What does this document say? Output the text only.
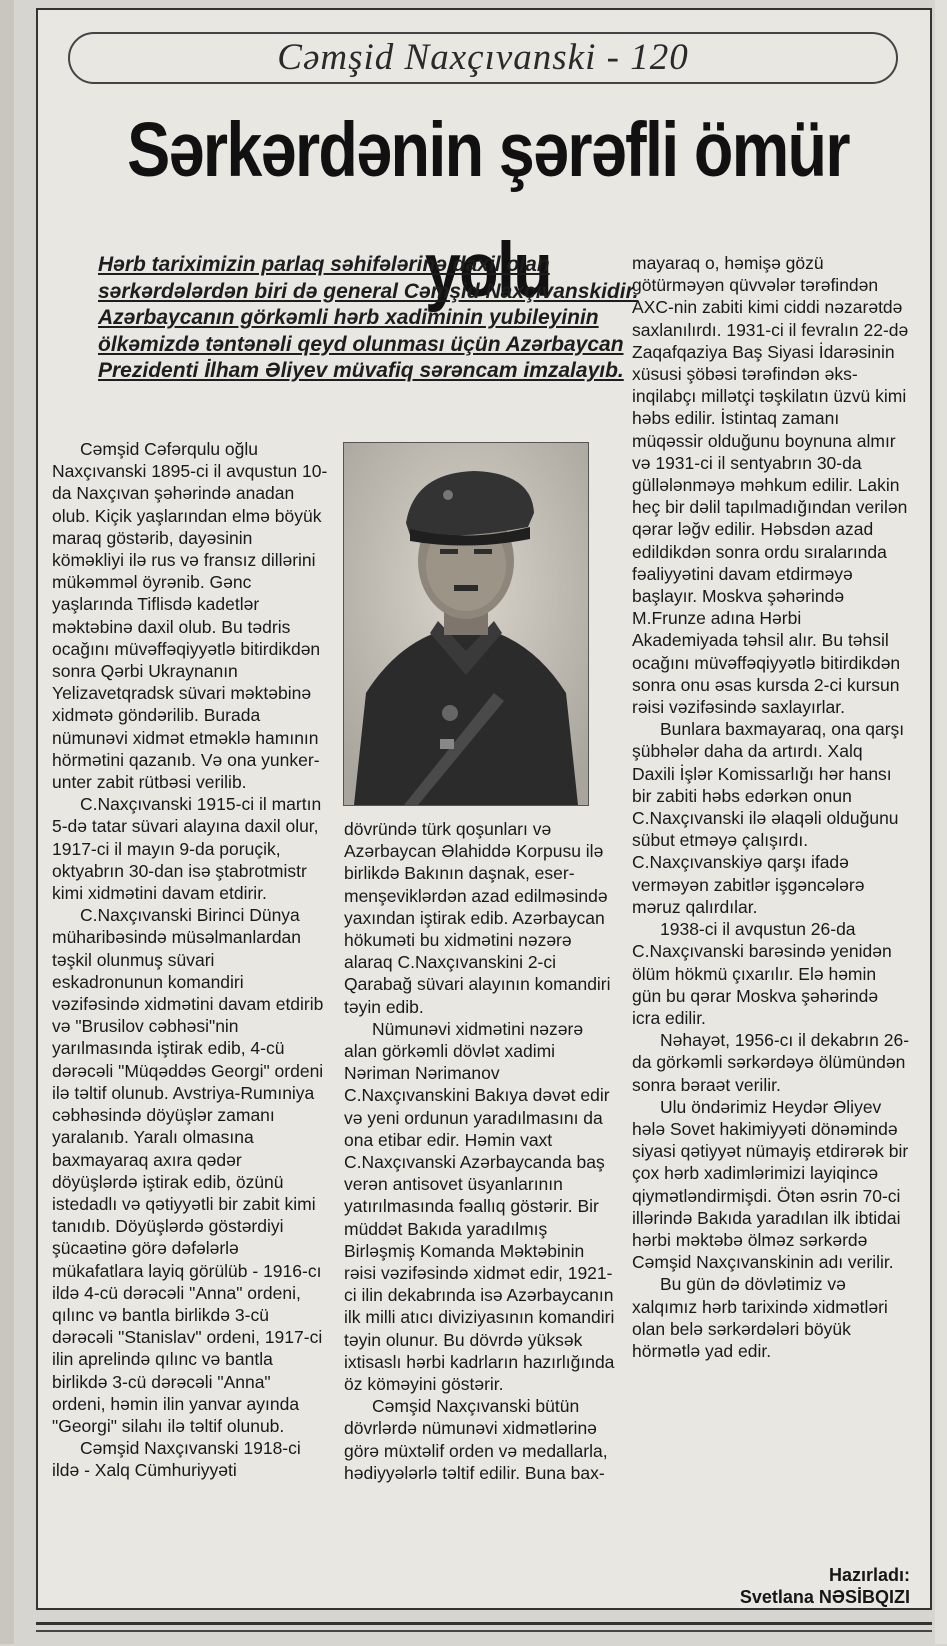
Cəmşid Naxçıvanski - 120
Sərkərdənin şərəfli ömür yolu

Hərb tariximizin parlaq səhifələrinə daxil olan sərkərdələrdən biri də general Cəmşid Naxçıvanskidir. Azərbaycanın görkəmli hərb xadiminin yubileyinin ölkəmizdə təntənəli qeyd olunması üçün Azərbaycan Prezidenti İlham Əliyev müvafiq sərəncam imzalayıb.

Cəmşid Cəfərqulu oğlu Naxçıvanski 1895-ci il avqustun 10-da Naxçıvan şəhərində anadan olub. Kiçik yaşlarından elmə böyük maraq göstərib, dayəsinin köməkliyi ilə rus və fransız dillərini mükəmməl öyrənib. Gənc yaşlarında Tiflisdə kadetlər məktəbinə daxil olub. Bu tədris ocağını müvəffəqiyyətlə bitirdikdən sonra Qərbi Ukraynanın Yelizavetqradsk süvari məktəbinə xidmətə göndərilib. Burada nümunəvi xidmət etməklə hamının hörmətini qazanıb. Və ona yunker-unter zabit rütbəsi verilib.

C.Naxçıvanski 1915-ci il martın 5-də tatar süvari alayına daxil olur, 1917-ci il mayın 9-da poruçik, oktyabrın 30-dan isə ştabrotmistr kimi xidmətini davam etdirir.

C.Naxçıvanski Birinci Dünya müharibəsində müsəlmanlardan təşkil olunmuş süvari eskadronunun komandiri vəzifəsində xidmətini davam etdirib və "Brusilov cəbhəsi"nin yarılmasında iştirak edib, 4-cü dərəcəli "Müqəddəs Georgi" ordeni ilə təltif olunub. Avstriya-Rumıniya cəbhəsində döyüşlər zamanı yaralanıb. Yaralı olmasına baxmayaraq axıra qədər döyüşlərdə iştirak edib, özünü istedadlı və qətiyyətli bir zabit kimi tanıdıb. Döyüşlərdə göstərdiyi şücaətinə görə dəfələrlə mükafatlara layiq görülüb - 1916-cı ildə 4-cü dərəcəli "Anna" ordeni, qılınc və bantla birlikdə 3-cü dərəcəli "Stanislav" ordeni, 1917-ci ilin aprelində qılınc və bantla birlikdə 3-cü dərəcəli "Anna" ordeni, həmin ilin yanvar ayında "Georgi" silahı ilə təltif olunub.

Cəmşid Naxçıvanski 1918-ci ildə - Xalq Cümhuriyyəti

dövründə türk qoşunları və Azərbaycan Əlahiddə Korpusu ilə birlikdə Bakının daşnak, eser-menşeviklərdən azad edilməsində yaxından iştirak edib. Azərbaycan hökuməti bu xidmətini nəzərə alaraq C.Naxçıvanskini 2-ci Qarabağ süvari alayının komandiri təyin edib.

Nümunəvi xidmətini nəzərə alan görkəmli dövlət xadimi Nəriman Nərimanov C.Naxçıvanskini Bakıya dəvət edir və yeni ordunun yaradılmasını da ona etibar edir. Həmin vaxt C.Naxçıvanski Azərbaycanda baş verən antisovet üsyanlarının yatırılmasında fəallıq göstərir. Bir müddət Bakıda yaradılmış Birləşmiş Komanda Məktəbinin rəisi vəzifəsində xidmət edir, 1921-ci ilin dekabrında isə Azərbaycanın ilk milli atıcı diviziyasının komandiri təyin olunur. Bu dövrdə yüksək ixtisaslı hərbi kadrların hazırlığında öz köməyini göstərir.

Cəmşid Naxçıvanski bütün dövrlərdə nümunəvi xidmətlərinə görə müxtəlif orden və medallarla, hədiyyələrlə təltif edilir. Buna bax-

mayaraq o, həmişə gözü götürməyən qüvvələr tərəfindən AXC-nin zabiti kimi ciddi nəzarətdə saxlanılırdı. 1931-ci il fevralın 22-də Zaqafqaziya Baş Siyasi İdarəsinin xüsusi şöbəsi tərəfindən əks-inqilabçı millətçi təşkilatın üzvü kimi həbs edilir. İstintaq zamanı müqəssir olduğunu boynuna almır və 1931-ci il sentyabrın 30-da güllələnməyə məhkum edilir. Lakin heç bir dəlil tapılmadığından verilən qərar ləğv edilir. Həbsdən azad edildikdən sonra ordu sıralarında fəaliyyətini davam etdirməyə başlayır. Moskva şəhərində M.Frunze adına Hərbi Akademiyada təhsil alır. Bu təhsil ocağını müvəffəqiyyətlə bitirdikdən sonra onu əsas kursda 2-ci kursun rəisi vəzifəsində saxlayırlar.

Bunlara baxmayaraq, ona qarşı şübhələr daha da artırdı. Xalq Daxili İşlər Komissarlığı hər hansı bir zabiti həbs edərkən onun C.Naxçıvanski ilə əlaqəli olduğunu sübut etməyə çalışırdı. C.Naxçıvanskiyə qarşı ifadə verməyən zabitlər işgəncələrə məruz qalırdılar.

1938-ci il avqustun 26-da C.Naxçıvanski barəsində yenidən ölüm hökmü çıxarılır. Elə həmin gün bu qərar Moskva şəhərində icra edilir.

Nəhayət, 1956-cı il dekabrın 26-da görkəmli sərkərdəyə ölümündən sonra bəraət verilir.

Ulu öndərimiz Heydər Əliyev hələ Sovet hakimiyyəti dönəmində siyasi qətiyyət nümayiş etdirərək bir çox hərb xadimlərimizi layiqincə qiymətləndirmişdi. Ötən əsrin 70-ci illərində Bakıda yaradılan ilk ibtidai hərbi məktəbə ölməz sərkərdə Cəmşid Naxçıvanskinin adı verilir.

Bu gün də dövlətimiz və xalqımız hərb tarixində xidmətləri olan belə sərkərdələri böyük hörmətlə yad edir.

Hazırladı:
Svetlana NƏSİBQIZI
